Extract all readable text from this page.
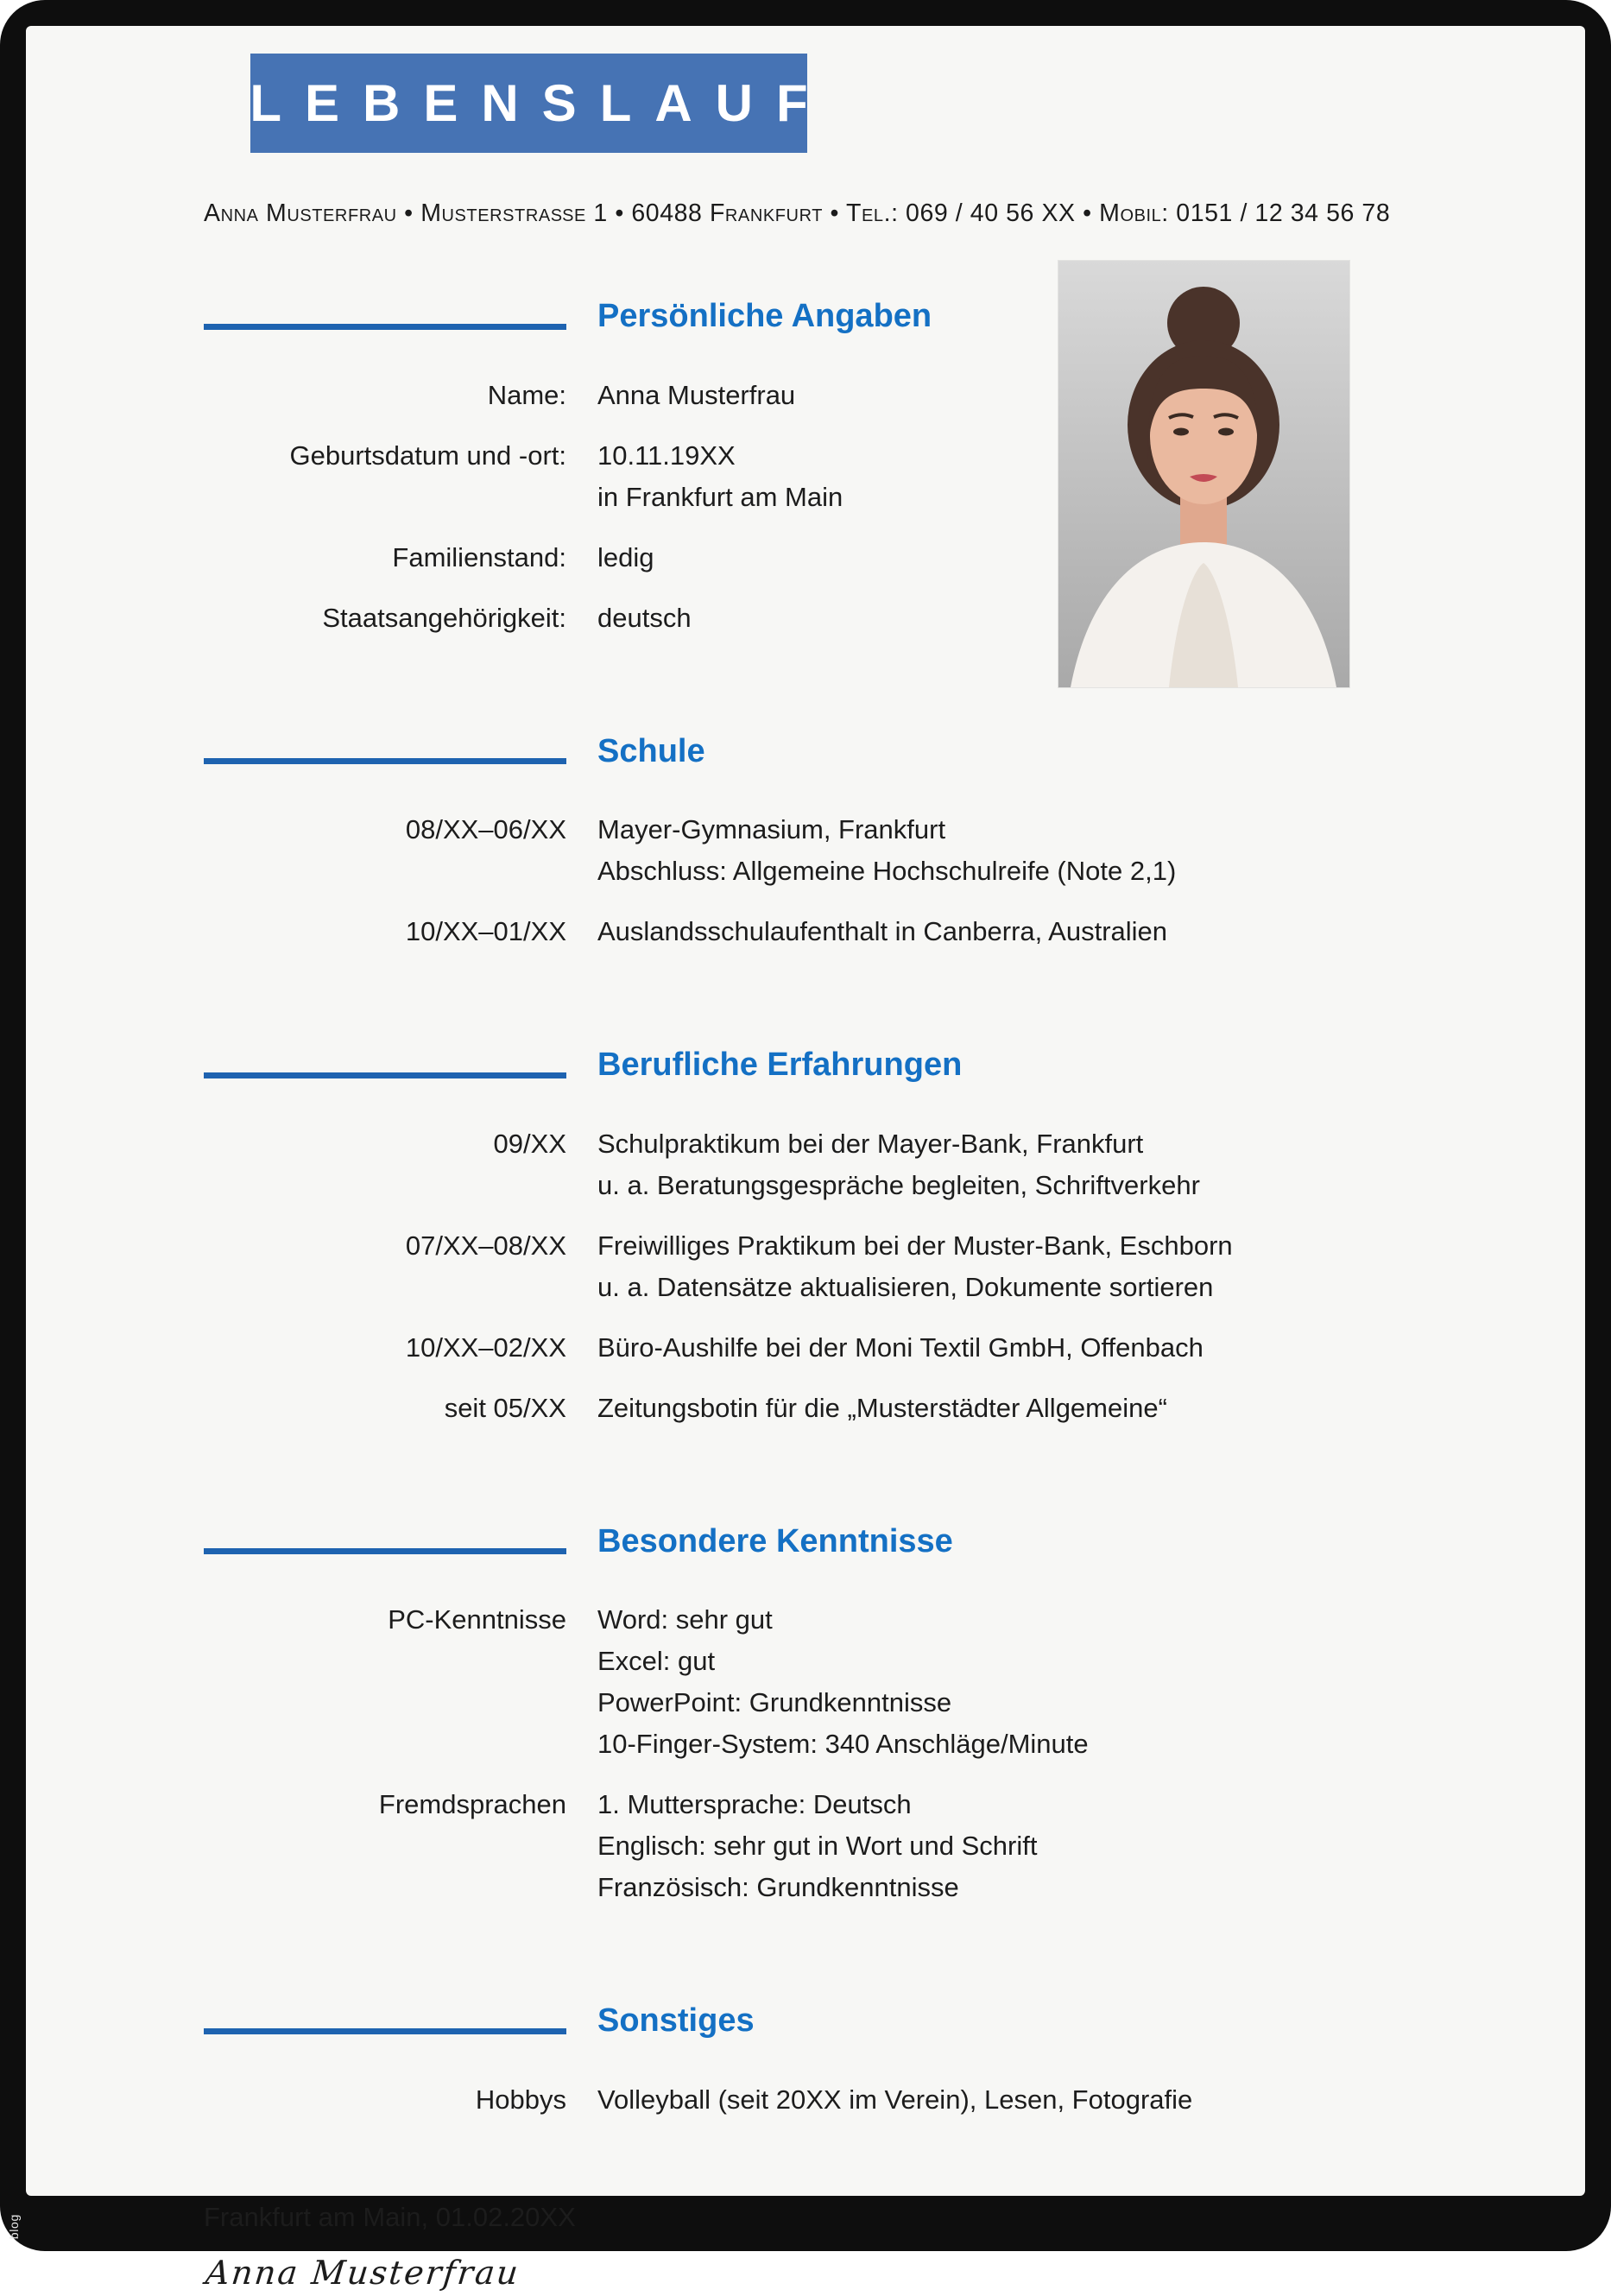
LEBENSLAUF
Anna Musterfrau • Musterstraße 1 • 60488 Frankfurt • Tel.: 069 / 40 56 XX • Mobil: 0151 / 12 34 56 78
Persönliche Angaben
Name: Anna Musterfrau
Geburtsdatum und -ort: 10.11.19XX
in Frankfurt am Main
Familienstand: ledig
Staatsangehörigkeit: deutsch
Schule
08/XX–06/XX Mayer-Gymnasium, Frankfurt
Abschluss: Allgemeine Hochschulreife (Note 2,1)
10/XX–01/XX Auslandsschulaufenthalt in Canberra, Australien
Berufliche Erfahrungen
09/XX Schulpraktikum bei der Mayer-Bank, Frankfurt
u. a. Beratungsgespräche begleiten, Schriftverkehr
07/XX–08/XX Freiwilliges Praktikum bei der Muster-Bank, Eschborn
u. a. Datensätze aktualisieren, Dokumente sortieren
10/XX–02/XX Büro-Aushilfe bei der Moni Textil GmbH, Offenbach
seit 05/XX Zeitungsbotin für die „Musterstädter Allgemeine“
Besondere Kenntnisse
PC-Kenntnisse Word: sehr gut
Excel: gut
PowerPoint: Grundkenntnisse
10-Finger-System: 340 Anschläge/Minute
Fremdsprachen 1. Muttersprache: Deutsch
Englisch: sehr gut in Wort und Schrift
Französisch: Grundkenntnisse
Sonstiges
Hobbys Volleyball (seit 20XX im Verein), Lesen, Fotografie
Frankfurt am Main, 01.02.20XX
Anna Musterfrau
blog
